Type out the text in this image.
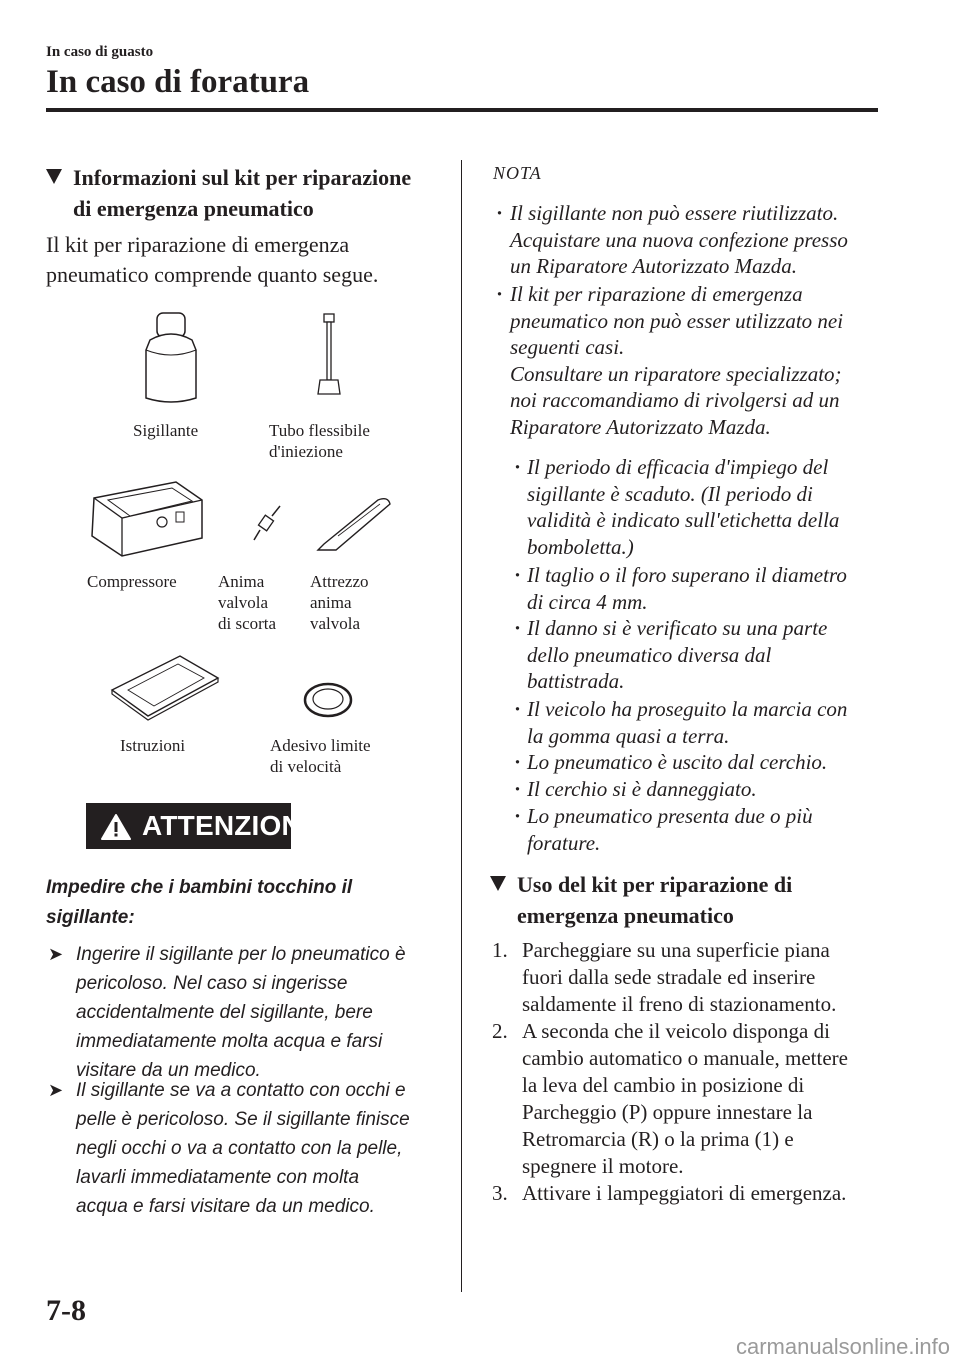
In caso di guasto
In caso di foratura
Informazioni sul kit per riparazione
di emergenza pneumatico
Il kit per riparazione di emergenza
pneumatico comprende quanto segue.
Sigillante	Tubo flessibile
d'iniezione
Compressore Anima
valvola
di scorta
Attrezzo
anima
valvola
Istruzioni	Adesivo limite
di velocità
ATTENZIONE
Impedire che i bambini tocchino il
sigillante:
➤ Ingerire il sigillante per lo pneumatico è
pericoloso. Nel caso si ingerisse
accidentalmente del sigillante, bere
immediatamente molta acqua e farsi
visitare da un medico.
➤ Il sigillante se va a contatto con occhi e
pelle è pericoloso. Se il sigillante finisce
negli occhi o va a contatto con la pelle,
lavarli immediatamente con molta
acqua e farsi visitare da un medico.
NOTA
· Il sigillante non può essere riutilizzato.
Acquistare una nuova confezione presso
un Riparatore Autorizzato Mazda.
· Il kit per riparazione di emergenza
pneumatico non può esser utilizzato nei
seguenti casi.
Consultare un riparatore specializzato;
noi raccomandiamo di rivolgersi ad un
Riparatore Autorizzato Mazda.
· Il periodo di efficacia d'impiego del
sigillante è scaduto. (Il periodo di
validità è indicato sull'etichetta della
bomboletta.)
· Il taglio o il foro superano il diametro
di circa 4 mm.
· Il danno si è verificato su una parte
dello pneumatico diversa dal
battistrada.
· Il veicolo ha proseguito la marcia con
la gomma quasi a terra.
· Lo pneumatico è uscito dal cerchio.
· Il cerchio si è danneggiato.
· Lo pneumatico presenta due o più
forature.
Uso del kit per riparazione di
emergenza pneumatico
1. Parcheggiare su una superficie piana
fuori dalla sede stradale ed inserire
saldamente il freno di stazionamento.
2. A seconda che il veicolo disponga di
cambio automatico o manuale, mettere
la leva del cambio in posizione di
Parcheggio (P) oppure innestare la
Retromarcia (R) o la prima (1) e
spegnere il motore.
3. Attivare i lampeggiatori di emergenza.
7-8
carmanualsonline.info
